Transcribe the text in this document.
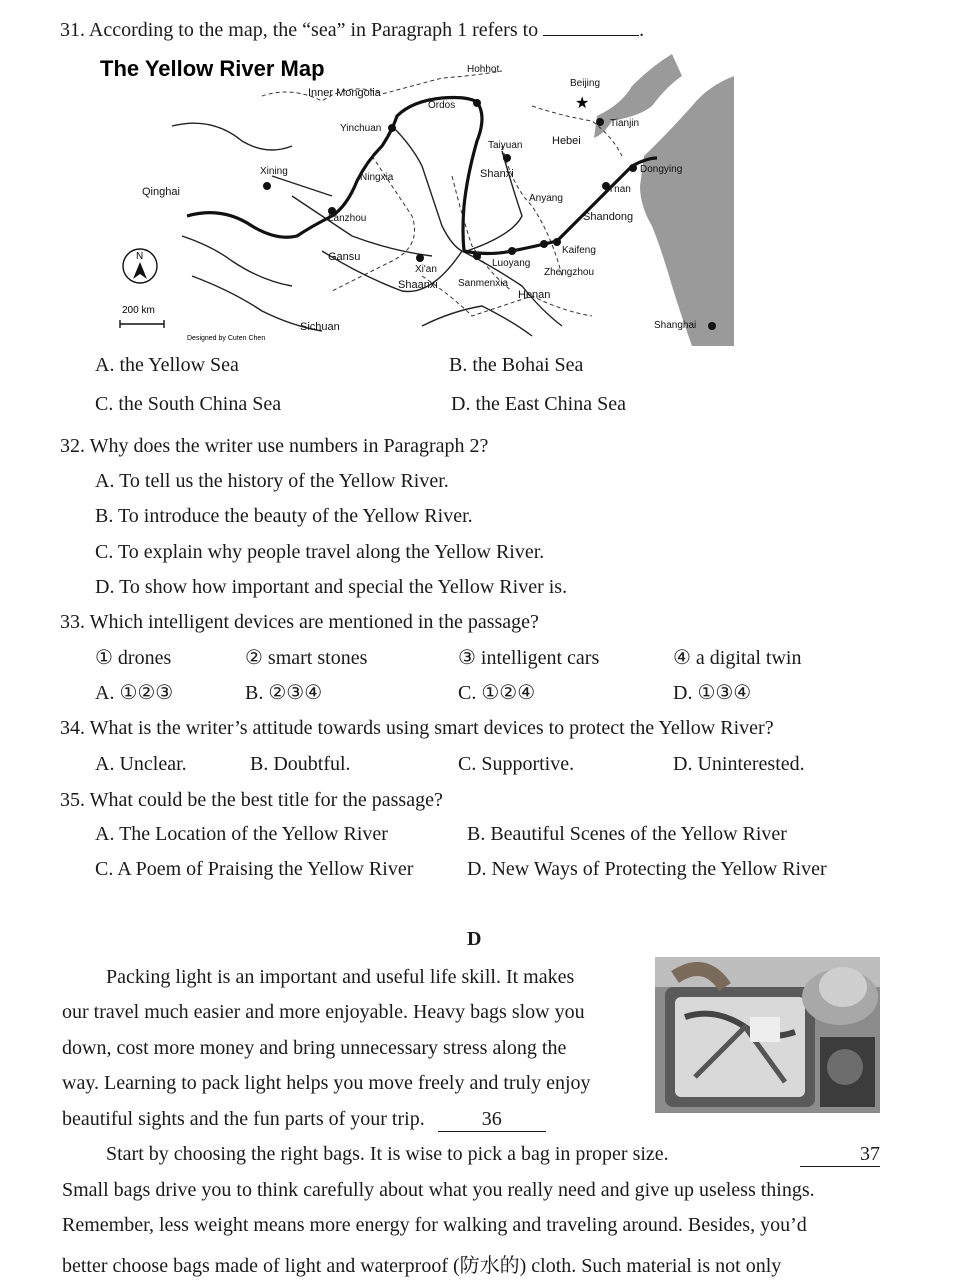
31. According to the map, the “sea” in Paragraph 1 refers to	.
★
The Yellow River Map	Hohhot
Beijing
Tianjin
Inner Mongolia
Ordos
Yinchuan
Taiyuan	Hebei
Xining
Ningxia	Shanxi	Dongying
Ji'nan
Qinghai
Lanzhou
Anyang
Shandong
Kaifeng
Gansu
Xi'an
Luoyang
Zhengzhou
Shaanxi Sanmenxia
Henan
Sichuan	Shanghai
N
200 km
Designed by Cuten Chen
A. the Yellow Sea	B. the Bohai Sea
C. the South China Sea	D. the East China Sea
32. Why does the writer use numbers in Paragraph 2?
A. To tell us the history of the Yellow River.
B. To introduce the beauty of the Yellow River.
C. To explain why people travel along the Yellow River.
D. To show how important and special the Yellow River is.
33. Which intelligent devices are mentioned in the passage?
① drones	② smart stones	③ intelligent cars	④ a digital twin
A. ①②③	B. ②③④	C. ①②④	D. ①③④
34. What is the writer’s attitude towards using smart devices to protect the Yellow River?
A. Unclear.	B. Doubtful.	C. Supportive.	D. Uninterested.
35. What could be the best title for the passage?
A. The Location of the Yellow River	B. Beautiful Scenes of the Yellow River
C. A Poem of Praising the Yellow River	D. New Ways of Protecting the Yellow River
D
Packing light is an important and useful life skill. It makes
our travel much easier and more enjoyable. Heavy bags slow you
down, cost more money and bring unnecessary stress along the
way. Learning to pack light helps you move freely and truly enjoy
beautiful sights and the fun parts of your trip.	36
Start by choosing the right bags. It is wise to pick a bag in proper size.	37
Small bags drive you to think carefully about what you really need and give up useless things.
Remember, less weight means more energy for walking and traveling around. Besides, you’d
better choose bags made of light and waterproof (防水的) cloth. Such material is not only
